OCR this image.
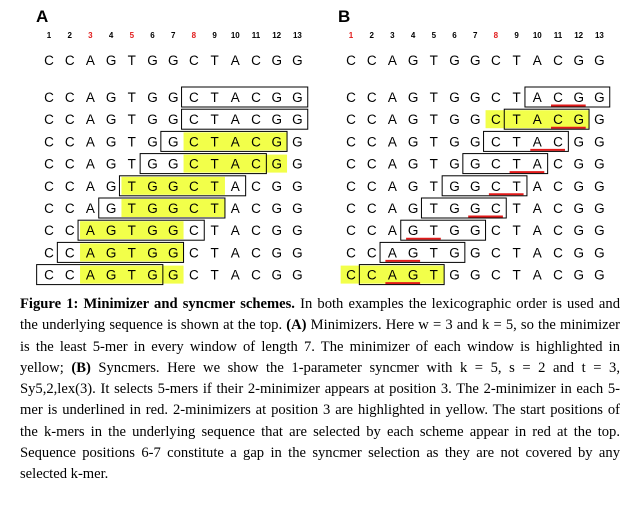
A
1 2 3 4 5 6 7 8 9 10 11 12 13
C C A G T G G C T A C G G
C C A G T G G C T A C G G
C C A G T G G C T A C G G
C C A G T G G C T A C G G
C C A G T G G C T A C G G
C C A G T G G C T A C G G
C C A G T G G C T A C G G
C C A G T G G C T A C G G
C C A G T G G C T A C G G
C C A G T G G C T A C G G
B
1 2 3 4 5 6 7 8 9 10 11 12 13
C C A G T G G C T A C G G
C C A G T G G C T A C G G
C C A G T G G C T A C G G
C C A G T G G C T A C G G
C C A G T G G C T A C G G
C C A G T G G C T A C G G
C C A G T G G C T A C G G
C C A G T G G C T A C G G
C C A G T G G C T A C G G
C C A G T G G C T A C G G
Figure 1: Minimizer and syncmer schemes. In both examples the lexicographic order is used and the underlying sequence is shown at the top. (A) Minimizers. Here w = 3 and k = 5, so the minimizer is the least 5-mer in every window of length 7. The minimizer of each window is highlighted in yellow; (B) Syncmers. Here we show the 1-parameter syncmer with k = 5, s = 2 and t = 3, Sy5,2,lex(3). It selects 5-mers if their 2-minimizer appears at position 3. The 2-minimizer in each 5-mer is underlined in red. 2-minimizers at position 3 are highlighted in yellow. The start positions of the k-mers in the underlying sequence that are selected by each scheme appear in red at the top. Sequence positions 6-7 constitute a gap in the syncmer selection as they are not covered by any selected k-mer.
